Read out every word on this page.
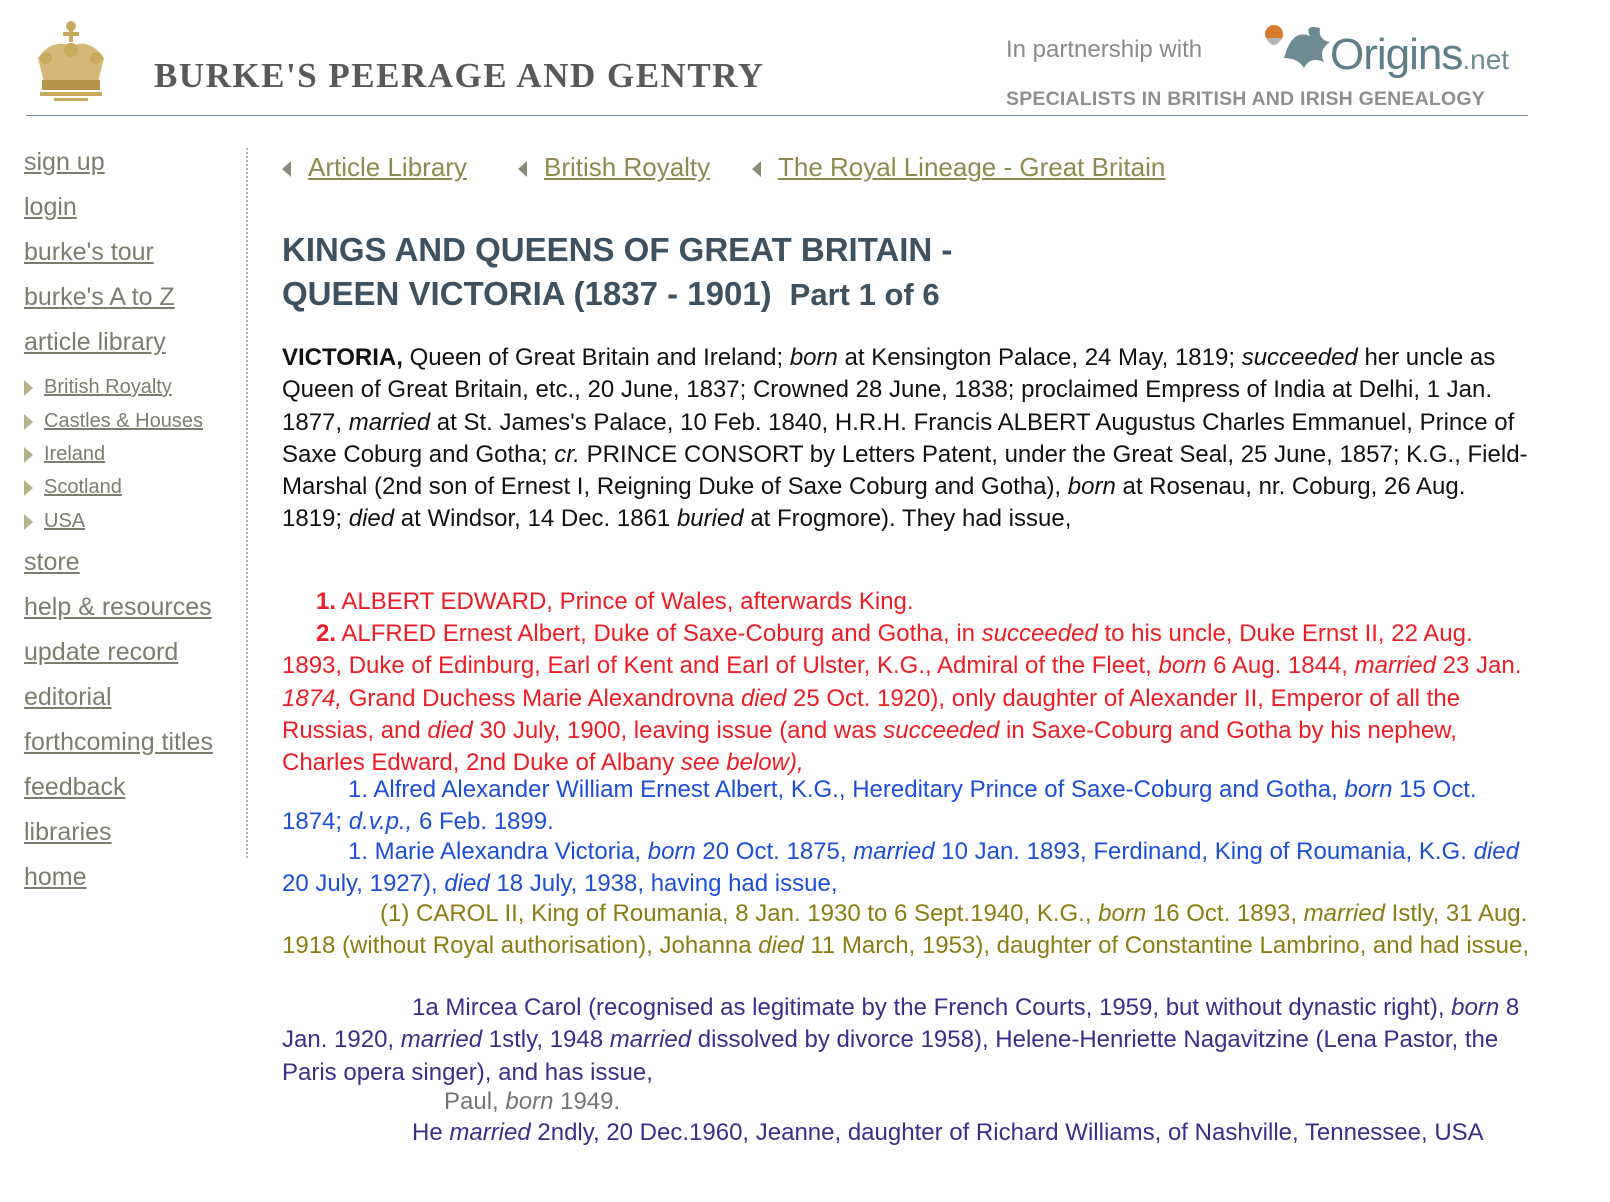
BURKE'S PEERAGE AND GENTRY
In partnership with	Origins.net
SPECIALISTS IN BRITISH AND IRISH GENEALOGY
sign up
login
burke's tour
burke's A to Z
article library
British Royalty
Castles & Houses
Ireland
Scotland
USA
store
help & resources
update record
editorial
forthcoming titles
feedback
libraries
home
Article Library	British Royalty	The Royal Lineage - Great Britain
KINGS AND QUEENS OF GREAT BRITAIN -
QUEEN VICTORIA (1837 - 1901) Part 1 of 6
VICTORIA, Queen of Great Britain and Ireland; born at Kensington Palace, 24 May, 1819; succeeded her uncle as Queen of Great Britain, etc., 20 June, 1837; Crowned 28 June, 1838; proclaimed Empress of India at Delhi, 1 Jan. 1877, married at St. James's Palace, 10 Feb. 1840, H.R.H. Francis ALBERT Augustus Charles Emmanuel, Prince of Saxe Coburg and Gotha; cr. PRINCE CONSORT by Letters Patent, under the Great Seal, 25 June, 1857; K.G., Field-Marshal (2nd son of Ernest I, Reigning Duke of Saxe Coburg and Gotha), born at Rosenau, nr. Coburg, 26 Aug. 1819; died at Windsor, 14 Dec. 1861 buried at Frogmore). They had issue,
1. ALBERT EDWARD, Prince of Wales, afterwards King.
2. ALFRED Ernest Albert, Duke of Saxe-Coburg and Gotha, in succeeded to his uncle, Duke Ernst II, 22 Aug. 1893, Duke of Edinburg, Earl of Kent and Earl of Ulster, K.G., Admiral of the Fleet, born 6 Aug. 1844, married 23 Jan. 1874, Grand Duchess Marie Alexandrovna died 25 Oct. 1920), only daughter of Alexander II, Emperor of all the Russias, and died 30 July, 1900, leaving issue (and was succeeded in Saxe-Coburg and Gotha by his nephew, Charles Edward, 2nd Duke of Albany see below),
1. Alfred Alexander William Ernest Albert, K.G., Hereditary Prince of Saxe-Coburg and Gotha, born 15 Oct. 1874; d.v.p., 6 Feb. 1899.
1. Marie Alexandra Victoria, born 20 Oct. 1875, married 10 Jan. 1893, Ferdinand, King of Roumania, K.G. died 20 July, 1927), died 18 July, 1938, having had issue,
(1) CAROL II, King of Roumania, 8 Jan. 1930 to 6 Sept.1940, K.G., born 16 Oct. 1893, married Istly, 31 Aug. 1918 (without Royal authorisation), Johanna died 11 March, 1953), daughter of Constantine Lambrino, and had issue,
1a Mircea Carol (recognised as legitimate by the French Courts, 1959, but without dynastic right), born 8 Jan. 1920, married 1stly, 1948 married dissolved by divorce 1958), Helene-Henriette Nagavitzine (Lena Pastor, the Paris opera singer), and has issue,
Paul, born 1949.
He married 2ndly, 20 Dec.1960, Jeanne, daughter of Richard Williams, of Nashville, Tennessee, USA
